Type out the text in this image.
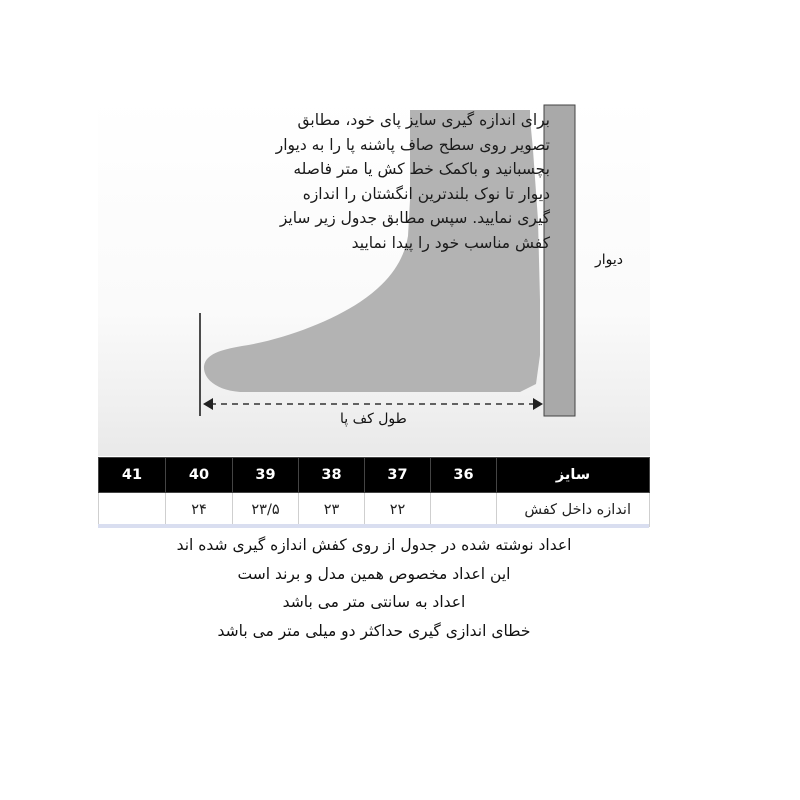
برای اندازه گیری سایز پای خود، مطابق
تصویر روی سطح صاف پاشنه پا را به دیوار
بچسبانید و باکمک خط کش یا متر فاصله
دیوار تا نوک بلندترین انگشتان را اندازه
گیری نمایید. سپس مطابق جدول زیر سایز
کفش مناسب خود را پیدا نمایید
دیوار
طول کف پا
سایز	36	37	38	39	40	41
اندازه داخل کفش		۲۲	۲۳	۲۳/۵	۲۴	
اعداد نوشته شده در جدول از روی کفش اندازه گیری شده اند
این اعداد مخصوص همین مدل و برند است
اعداد به سانتی متر می باشد
خطای اندازی گیری حداکثر دو میلی متر می باشد
